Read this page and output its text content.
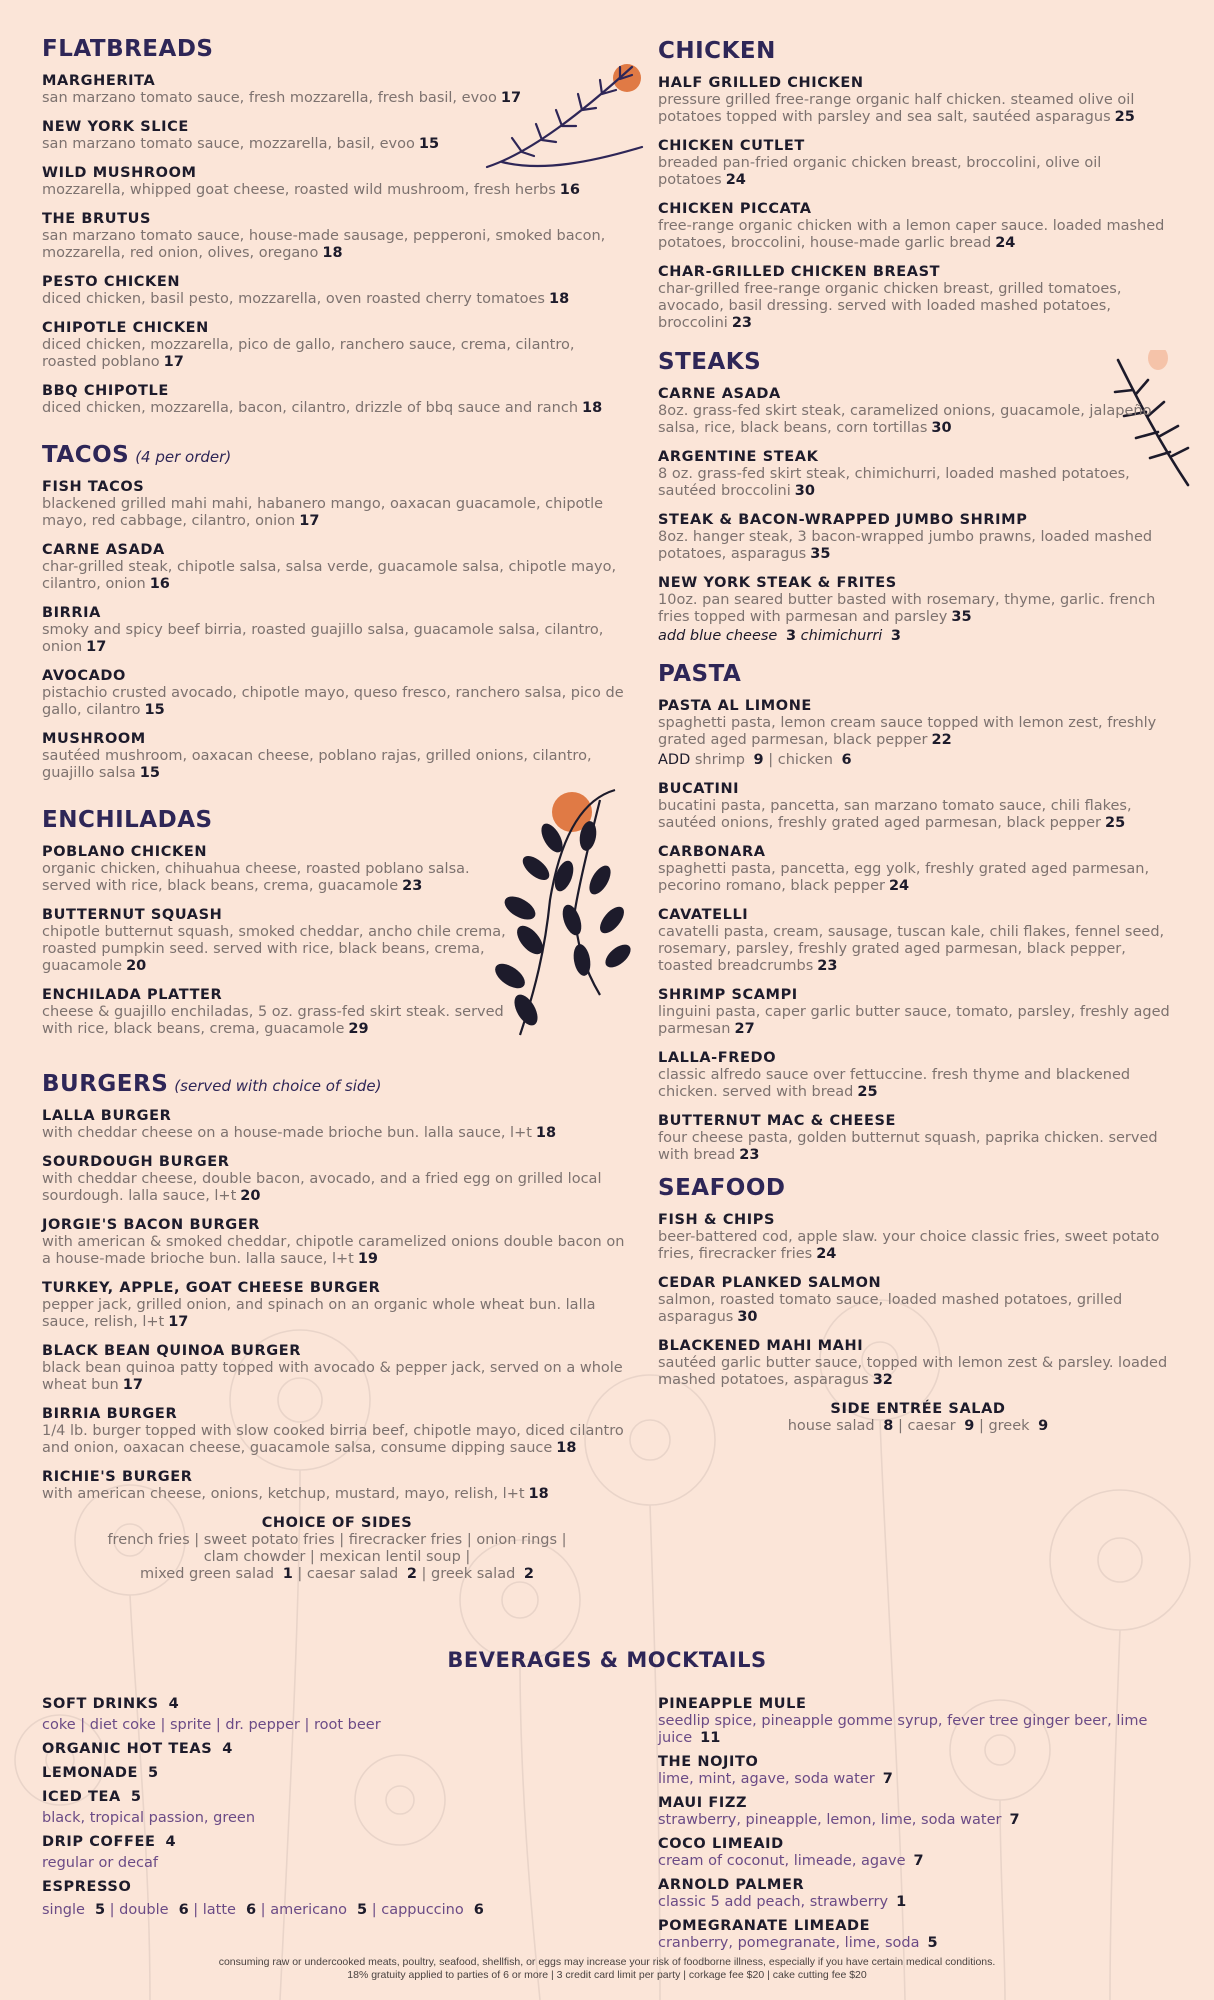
FLATBREADS
MARGHERITA
san marzano tomato sauce, fresh mozzarella, fresh basil, evoo 17
NEW YORK SLICE
san marzano tomato sauce, mozzarella, basil, evoo 15
WILD MUSHROOM
mozzarella, whipped goat cheese, roasted wild mushroom, fresh herbs 16
THE BRUTUS
san marzano tomato sauce, house-made sausage, pepperoni, smoked bacon, mozzarella, red onion, olives, oregano 18
PESTO CHICKEN
diced chicken, basil pesto, mozzarella, oven roasted cherry tomatoes 18
CHIPOTLE CHICKEN
diced chicken, mozzarella, pico de gallo, ranchero sauce, crema, cilantro, roasted poblano 17
BBQ CHIPOTLE
diced chicken, mozzarella, bacon, cilantro, drizzle of bbq sauce and ranch 18
TACOS (4 per order)
FISH TACOS
blackened grilled mahi mahi, habanero mango, oaxacan guacamole, chipotle mayo, red cabbage, cilantro, onion 17
CARNE ASADA
char-grilled steak, chipotle salsa, salsa verde, guacamole salsa, chipotle mayo, cilantro, onion 16
BIRRIA
smoky and spicy beef birria, roasted guajillo salsa, guacamole salsa, cilantro, onion 17
AVOCADO
pistachio crusted avocado, chipotle mayo, queso fresco, ranchero salsa, pico de gallo, cilantro 15
MUSHROOM
sautéed mushroom, oaxacan cheese, poblano rajas, grilled onions, cilantro, guajillo salsa 15
ENCHILADAS
POBLANO CHICKEN
organic chicken, chihuahua cheese, roasted poblano salsa. served with rice, black beans, crema, guacamole 23
BUTTERNUT SQUASH
chipotle butternut squash, smoked cheddar, ancho chile crema, roasted pumpkin seed. served with rice, black beans, crema, guacamole 20
ENCHILADA PLATTER
cheese & guajillo enchiladas, 5 oz. grass-fed skirt steak. served with rice, black beans, crema, guacamole 29
BURGERS (served with choice of side)
LALLA BURGER
with cheddar cheese on a house-made brioche bun. lalla sauce, l+t 18
SOURDOUGH BURGER
with cheddar cheese, double bacon, avocado, and a fried egg on grilled local sourdough. lalla sauce, l+t 20
JORGIE'S BACON BURGER
with american & smoked cheddar, chipotle caramelized onions double bacon on a house-made brioche bun. lalla sauce, l+t 19
TURKEY, APPLE, GOAT CHEESE BURGER
pepper jack, grilled onion, and spinach on an organic whole wheat bun. lalla sauce, relish, l+t 17
BLACK BEAN QUINOA BURGER
black bean quinoa patty topped with avocado & pepper jack, served on a whole wheat bun 17
BIRRIA BURGER
1/4 lb. burger topped with slow cooked birria beef, chipotle mayo, diced cilantro and onion, oaxacan cheese, guacamole salsa, consume dipping sauce 18
RICHIE'S BURGER
with american cheese, onions, ketchup, mustard, mayo, relish, l+t 18
CHOICE OF SIDES
french fries | sweet potato fries | firecracker fries | onion rings |
clam chowder | mexican lentil soup |
mixed green salad 1 | caesar salad 2 | greek salad 2
CHICKEN
HALF GRILLED CHICKEN
pressure grilled free-range organic half chicken. steamed olive oil potatoes topped with parsley and sea salt, sautéed asparagus 25
CHICKEN CUTLET
breaded pan-fried organic chicken breast, broccolini, olive oil potatoes 24
CHICKEN PICCATA
free-range organic chicken with a lemon caper sauce. loaded mashed potatoes, broccolini, house-made garlic bread 24
CHAR-GRILLED CHICKEN BREAST
char-grilled free-range organic chicken breast, grilled tomatoes, avocado, basil dressing. served with loaded mashed potatoes, broccolini 23
STEAKS
CARNE ASADA
8oz. grass-fed skirt steak, caramelized onions, guacamole, jalapeño salsa, rice, black beans, corn tortillas 30
ARGENTINE STEAK
8 oz. grass-fed skirt steak, chimichurri, loaded mashed potatoes, sautéed broccolini 30
STEAK & BACON-WRAPPED JUMBO SHRIMP
8oz. hanger steak, 3 bacon-wrapped jumbo prawns, loaded mashed potatoes, asparagus 35
NEW YORK STEAK & FRITES
10oz. pan seared butter basted with rosemary, thyme, garlic. french fries topped with parmesan and parsley 35
add blue cheese 3 chimichurri 3
PASTA
PASTA AL LIMONE
spaghetti pasta, lemon cream sauce topped with lemon zest, freshly grated aged parmesan, black pepper 22
ADD shrimp 9 | chicken 6
BUCATINI
bucatini pasta, pancetta, san marzano tomato sauce, chili flakes, sautéed onions, freshly grated aged parmesan, black pepper 25
CARBONARA
spaghetti pasta, pancetta, egg yolk, freshly grated aged parmesan, pecorino romano, black pepper 24
CAVATELLI
cavatelli pasta, cream, sausage, tuscan kale, chili flakes, fennel seed, rosemary, parsley, freshly grated aged parmesan, black pepper, toasted breadcrumbs 23
SHRIMP SCAMPI
linguini pasta, caper garlic butter sauce, tomato, parsley, freshly aged parmesan 27
LALLA-FREDO
classic alfredo sauce over fettuccine. fresh thyme and blackened chicken. served with bread 25
BUTTERNUT MAC & CHEESE
four cheese pasta, golden butternut squash, paprika chicken. served with bread 23
SEAFOOD
FISH & CHIPS
beer-battered cod, apple slaw. your choice classic fries, sweet potato fries, firecracker fries 24
CEDAR PLANKED SALMON
salmon, roasted tomato sauce, loaded mashed potatoes, grilled asparagus 30
BLACKENED MAHI MAHI
sautéed garlic butter sauce, topped with lemon zest & parsley. loaded mashed potatoes, asparagus 32
SIDE ENTRÉE SALAD
house salad 8 | caesar 9 | greek 9
BEVERAGES & MOCKTAILS
SOFT DRINKS 4
coke | diet coke | sprite | dr. pepper | root beer
ORGANIC HOT TEAS 4
LEMONADE 5
ICED TEA 5
black, tropical passion, green
DRIP COFFEE 4
regular or decaf
ESPRESSO
single 5 | double 6 | latte 6 | americano 5 | cappuccino 6
PINEAPPLE MULE
seedlip spice, pineapple gomme syrup, fever tree ginger beer, lime juice 11
THE NOJITO
lime, mint, agave, soda water 7
MAUI FIZZ
strawberry, pineapple, lemon, lime, soda water 7
COCO LIMEAID
cream of coconut, limeade, agave 7
ARNOLD PALMER
classic 5 add peach, strawberry 1
POMEGRANATE LIMEADE
cranberry, pomegranate, lime, soda 5
consuming raw or undercooked meats, poultry, seafood, shellfish, or eggs may increase your risk of foodborne illness, especially if you have certain medical conditions.
18% gratuity applied to parties of 6 or more | 3 credit card limit per party | corkage fee $20 | cake cutting fee $20
